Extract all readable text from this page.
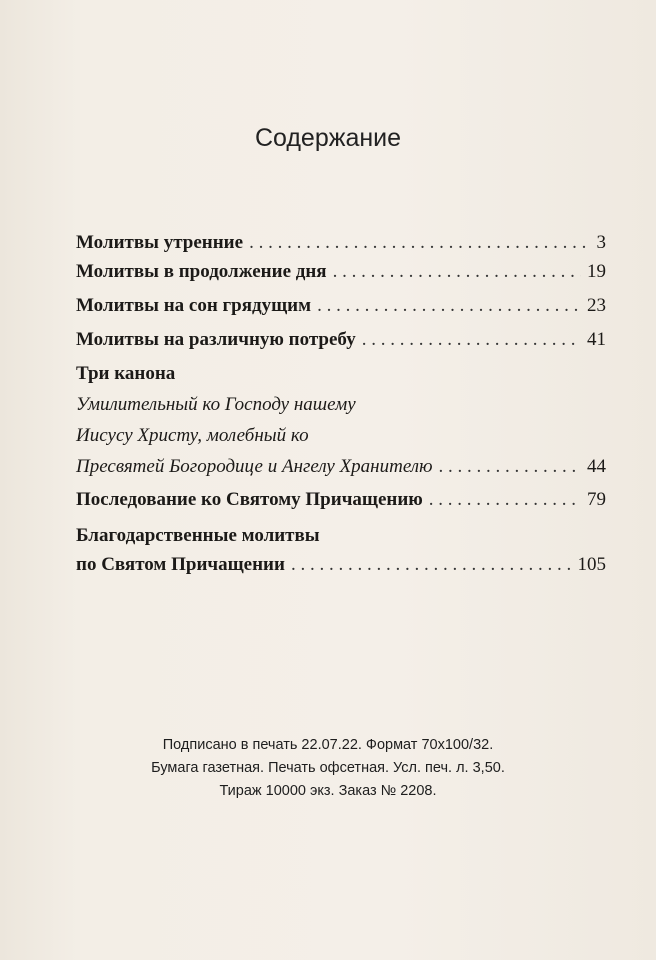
Содержание
Молитвы утренние . . .	3
Молитвы в продолжение дня . . .	19
Молитвы на сон грядущим . . .	23
Молитвы на различную потребу . . .	41
Три канона
Умилительный ко Господу нашему
Иисусу Христу, молебный ко
Пресвятей Богородице и Ангелу Хранителю . . .	44
Последование ко Святому Причащению . . .	79
Благодарственные молитвы
по Святом Причащении . . .	105
Подписано в печать 22.07.22. Формат 70х100/32.
Бумага газетная. Печать офсетная. Усл. печ. л. 3,50.
Тираж 10000 экз. Заказ № 2208.
